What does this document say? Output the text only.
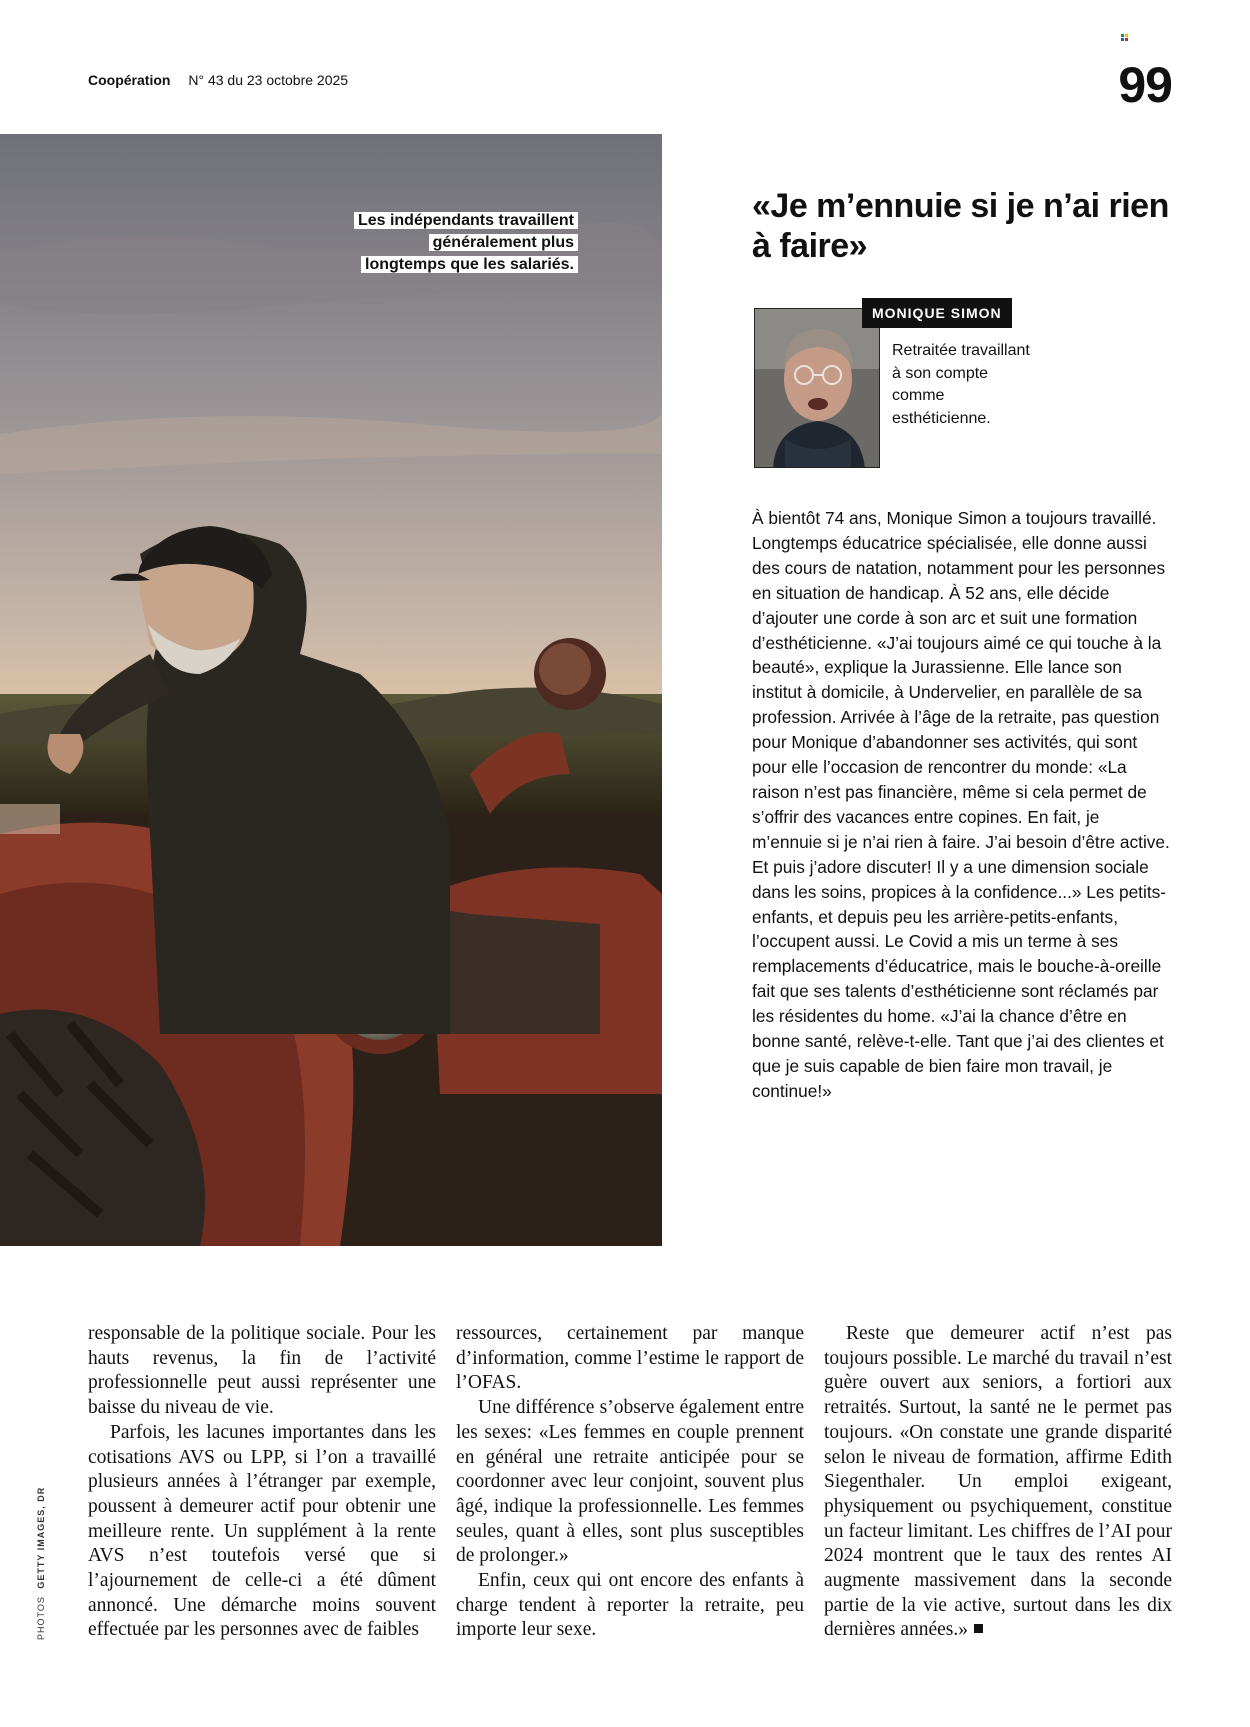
Coopération N° 43 du 23 octobre 2025	99
Les indépendants travaillent généralement plus longtemps que les salariés.
«Je m’ennuie si je n’ai rien à faire»
MONIQUE SIMON
Retraitée travaillant à son compte comme esthéticienne.

À bientôt 74 ans, Monique Simon a toujours travaillé. Longtemps éducatrice spécialisée, elle donne aussi des cours de natation, notamment pour les personnes en situation de handicap. À 52 ans, elle décide d’ajouter une corde à son arc et suit une formation d’esthéticienne. «J’ai toujours aimé ce qui touche à la beauté», explique la Jurassienne. Elle lance son institut à domicile, à Undervelier, en parallèle de sa profession. Arrivée à l’âge de la retraite, pas question pour Monique d’abandonner ses activités, qui sont pour elle l’occasion de rencontrer du monde: «La raison n’est pas financière, même si cela permet de s’offrir des vacances entre copines. En fait, je m’ennuie si je n’ai rien à faire. J’ai besoin d’être active. Et puis j’adore discuter! Il y a une dimension sociale dans les soins, propices à la confidence...» Les petits-enfants, et depuis peu les arrière-petits-enfants, l’occupent aussi. Le Covid a mis un terme à ses remplacements d’éducatrice, mais le bouche-à-oreille fait que ses talents d’esthéticienne sont réclamés par les résidentes du home. «J’ai la chance d’être en bonne santé, relève-t-elle. Tant que j’ai des clientes et que je suis capable de bien faire mon travail, je continue!»

responsable de la politique sociale. Pour les hauts revenus, la fin de l’activité professionnelle peut aussi représenter une baisse du niveau de vie.

Parfois, les lacunes importantes dans les cotisations AVS ou LPP, si l’on a travaillé plusieurs années à l’étranger par exemple, poussent à demeurer actif pour obtenir une meilleure rente. Un supplément à la rente AVS n’est toutefois versé que si l’ajournement de celle-ci a été dûment annoncé. Une démarche moins souvent effectuée par les personnes avec de faibles

ressources, certainement par manque d’information, comme l’estime le rapport de l’OFAS.

Une différence s’observe également entre les sexes: «Les femmes en couple prennent en général une retraite anticipée pour se coordonner avec leur conjoint, souvent plus âgé, indique la professionnelle. Les femmes seules, quant à elles, sont plus susceptibles de prolonger.»

Enfin, ceux qui ont encore des enfants à charge tendent à reporter la retraite, peu importe leur sexe.

Reste que demeurer actif n’est pas toujours possible. Le marché du travail n’est guère ouvert aux seniors, a fortiori aux retraités. Surtout, la santé ne le permet pas toujours. «On constate une grande disparité selon le niveau de formation, affirme Edith Siegenthaler. Un emploi exigeant, physiquement ou psychiquement, constitue un facteur limitant. Les chiffres de l’AI pour 2024 montrent que le taux des rentes AI augmente massivement dans la seconde partie de la vie active, surtout dans les dix dernières années.»

PHOTOS GETTY IMAGES, DR
